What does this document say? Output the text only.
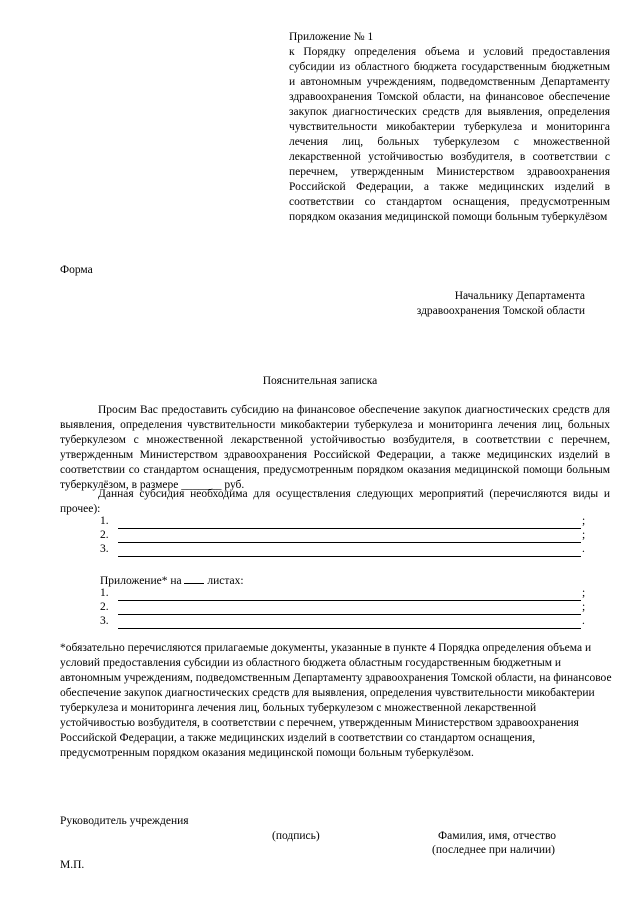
Приложение № 1
к Порядку определения объема и условий предоставления субсидии из областного бюджета государственным бюджетным и автономным учреждениям, подведомственным Департаменту здравоохранения Томской области, на финансовое обеспечение закупок диагностических средств для выявления, определения чувствительности микобактерии туберкулеза и мониторинга лечения лиц, больных туберкулезом с множественной лекарственной устойчивостью возбудителя, в соответствии с перечнем, утвержденным Министерством здравоохранения Российской Федерации, а также медицинских изделий в соответствии со стандартом оснащения, предусмотренным порядком оказания медицинской помощи больным туберкулёзом
Форма
Начальнику Департамента
здравоохранения Томской области
Пояснительная записка
Просим Вас предоставить субсидию на финансовое обеспечение закупок диагностических средств для выявления, определения чувствительности микобактерии туберкулеза и мониторинга лечения лиц, больных туберкулезом с множественной лекарственной устойчивостью возбудителя, в соответствии с перечнем, утвержденным Министерством здравоохранения Российской Федерации, а также медицинских изделий в соответствии со стандартом оснащения, предусмотренным порядком оказания медицинской помощи больным туберкулёзом, в размере _______ руб.
Данная субсидия необходима для осуществления следующих мероприятий (перечисляются виды и прочее):
1.	;
2.	;
3.	.
Приложение* на листах:
1.	;
2.	;
3.	.
*обязательно перечисляются прилагаемые документы, указанные в пункте 4 Порядка определения объема и условий предоставления субсидии из областного бюджета областным государственным бюджетным и автономным учреждениям, подведомственным Департаменту здравоохранения Томской области, на финансовое обеспечение закупок диагностических средств для выявления, определения чувствительности микобактерии туберкулеза и мониторинга лечения лиц, больных туберкулезом с множественной лекарственной устойчивостью возбудителя, в соответствии с перечнем, утвержденным Министерством здравоохранения Российской Федерации, а также медицинских изделий в соответствии со стандартом оснащения, предусмотренным порядком оказания медицинской помощи больным туберкулёзом.
Руководитель учреждения
(подпись)	Фамилия, имя, отчество
(последнее при наличии)
М.П.
